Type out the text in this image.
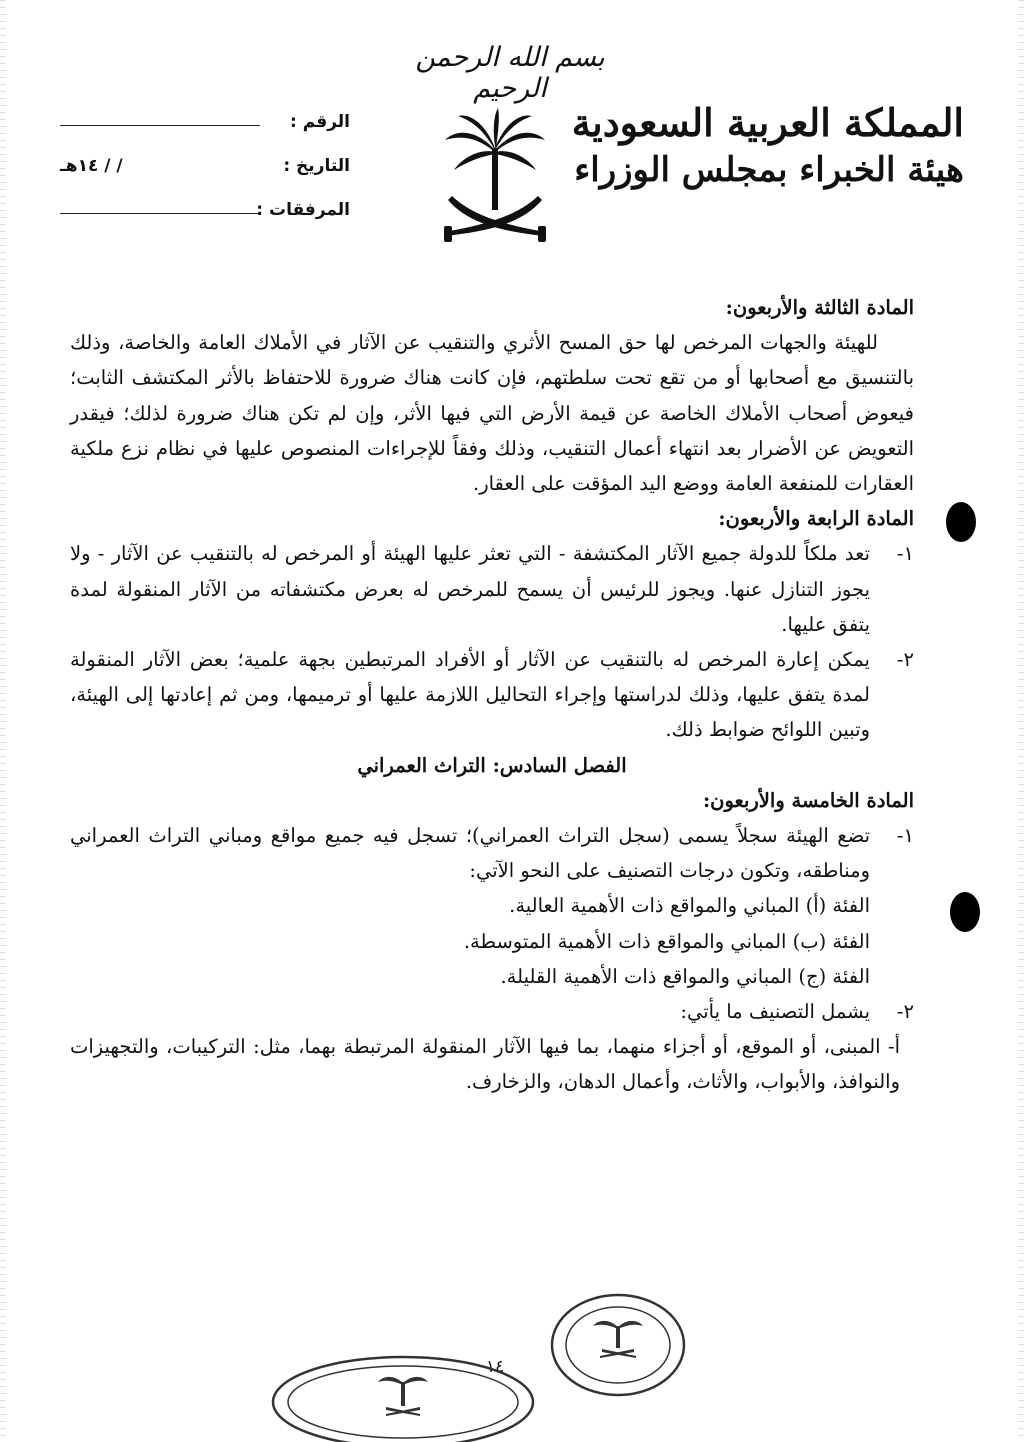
بسم الله الرحمن الرحيم
المملكة العربية السعودية
هيئة الخبراء بمجلس الوزراء
الرقم :
التاريخ :
/ / ١٤هـ
المرفقات :

المادة الثالثة والأربعون:

للهيئة والجهات المرخص لها حق المسح الأثري والتنقيب عن الآثار في الأملاك العامة والخاصة، وذلك بالتنسيق مع أصحابها أو من تقع تحت سلطتهم، فإن كانت هناك ضرورة للاحتفاظ بالأثر المكتشف الثابت؛ فيعوض أصحاب الأملاك الخاصة عن قيمة الأرض التي فيها الأثر، وإن لم تكن هناك ضرورة لذلك؛ فيقدر التعويض عن الأضرار بعد انتهاء أعمال التنقيب، وذلك وفقاً للإجراءات المنصوص عليها في نظام نزع ملكية العقارات للمنفعة العامة ووضع اليد المؤقت على العقار.

المادة الرابعة والأربعون:

١-
تعد ملكاً للدولة جميع الآثار المكتشفة - التي تعثر عليها الهيئة أو المرخص له بالتنقيب عن الآثار - ولا يجوز التنازل عنها. ويجوز للرئيس أن يسمح للمرخص له بعرض مكتشفاته من الآثار المنقولة لمدة يتفق عليها.

٢-
يمكن إعارة المرخص له بالتنقيب عن الآثار أو الأفراد المرتبطين بجهة علمية؛ بعض الآثار المنقولة لمدة يتفق عليها، وذلك لدراستها وإجراء التحاليل اللازمة عليها أو ترميمها، ومن ثم إعادتها إلى الهيئة، وتبين اللوائح ضوابط ذلك.

الفصل السادس: التراث العمراني

المادة الخامسة والأربعون:

١-
تضع الهيئة سجلاً يسمى (سجل التراث العمراني)؛ تسجل فيه جميع مواقع ومباني التراث العمراني ومناطقه، وتكون درجات التصنيف على النحو الآتي:

الفئة (أ) المباني والمواقع ذات الأهمية العالية.

الفئة (ب) المباني والمواقع ذات الأهمية المتوسطة.

الفئة (ج) المباني والمواقع ذات الأهمية القليلة.

٢-
يشمل التصنيف ما يأتي:

أ- المبنى، أو الموقع، أو أجزاء منهما، بما فيها الآثار المنقولة المرتبطة بهما، مثل: التركيبات، والتجهيزات والنوافذ، والأبواب، والأثاث، وأعمال الدهان، والزخارف.

١٤
